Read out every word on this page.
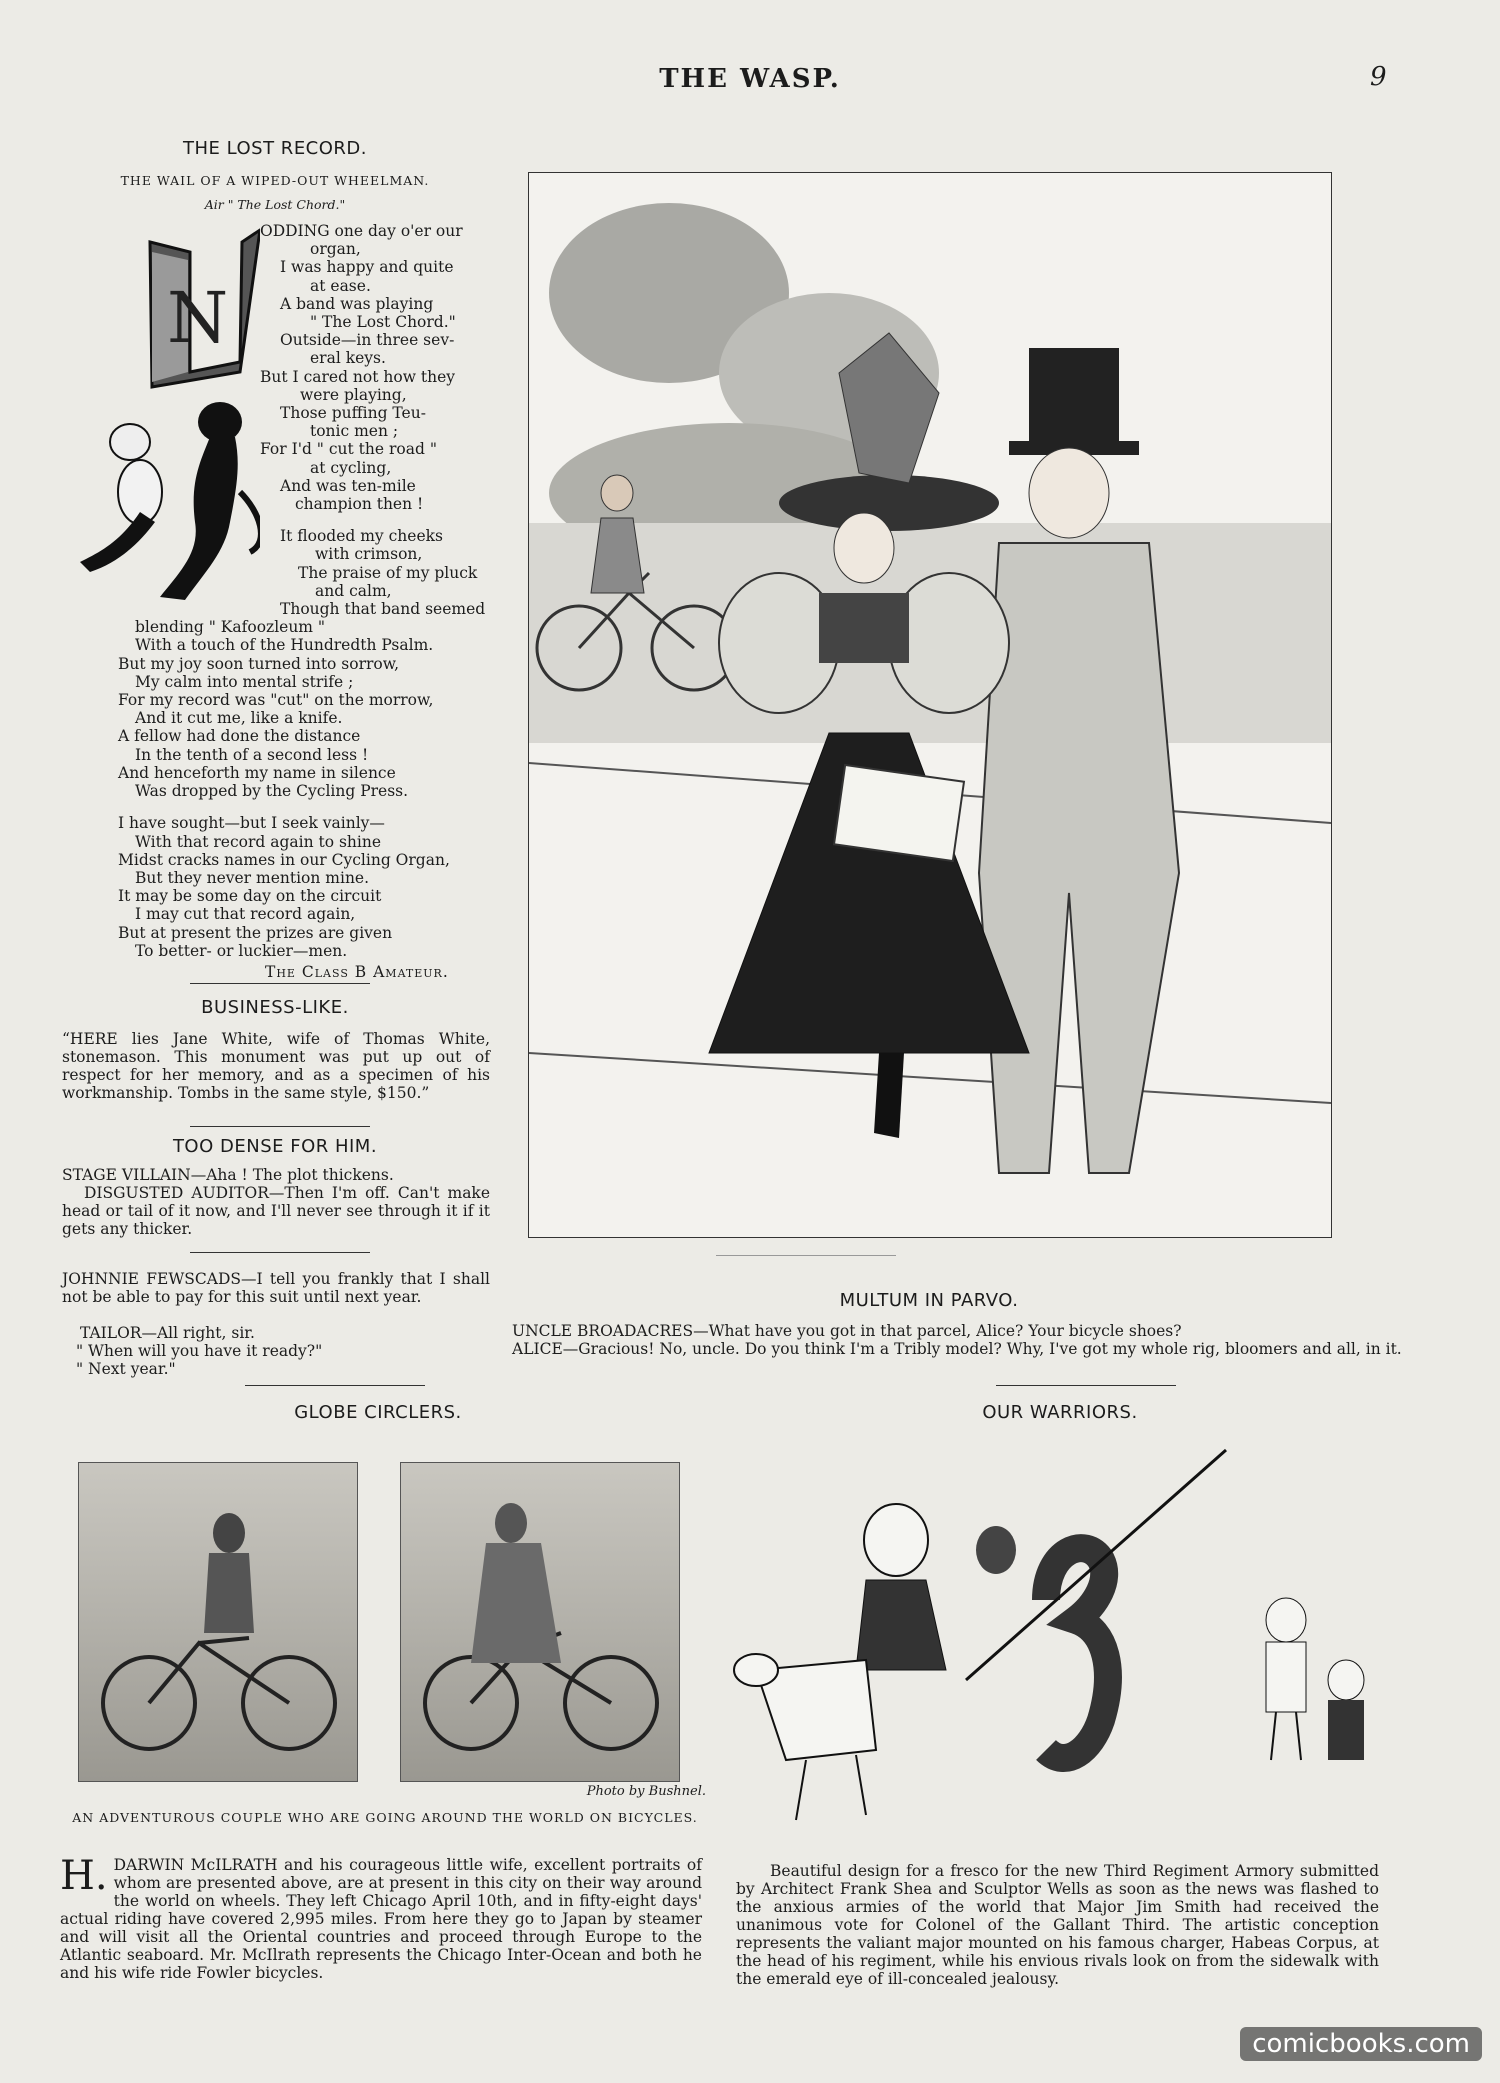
THE WASP.	9
THE LOST RECORD.
THE WAIL OF A WIPED-OUT WHEELMAN.
Air " The Lost Chord."
N
ODDING one day o'er our
organ,
I was happy and quite
at ease.
A band was playing
" The Lost Chord."
Outside—in three sev-
eral keys.
But I cared not how they
were playing,
Those puffing Teu-
tonic men ;
For I'd " cut the road "
at cycling,
And was ten-mile
champion then !
It flooded my cheeks
with crimson,
The praise of my pluck
and calm,
Though that band seemed
blending " Kafoozleum "
With a touch of the Hundredth Psalm.
But my joy soon turned into sorrow,
My calm into mental strife ;
For my record was "cut" on the morrow,
And it cut me, like a knife.
A fellow had done the distance
In the tenth of a second less !
And henceforth my name in silence
Was dropped by the Cycling Press.
I have sought—but I seek vainly—
With that record again to shine
Midst cracks names in our Cycling Organ,
But they never mention mine.
It may be some day on the circuit
I may cut that record again,
But at present the prizes are given
To better- or luckier—men.
The Class B Amateur.
BUSINESS-LIKE.

“HERE lies Jane White, wife of Thomas White, stonemason. This monument was put up out of respect for her memory, and as a specimen of his workmanship. Tombs in the same style, $150.”

TOO DENSE FOR HIM.

STAGE VILLAIN—Aha ! The plot thickens.

DISGUSTED AUDITOR—Then I'm off. Can't make head or tail of it now, and I'll never see through it if it gets any thicker.

JOHNNIE FEWSCADS—I tell you frankly that I shall not be able to pay for this suit until next year.

TAILOR—All right, sir.

" When will you have it ready?"

" Next year."

MULTUM IN PARVO.

UNCLE BROADACRES—What have you got in that parcel, Alice? Your bicycle shoes?

ALICE—Gracious! No, uncle. Do you think I'm a Tribly model? Why, I've got my whole rig, bloomers and all, in it.

GLOBE CIRCLERS.
Photo by Bushnel.

AN ADVENTUROUS COUPLE WHO ARE GOING AROUND THE WORLD ON BICYCLES.

H. DARWIN McILRATH and his courageous little wife, excellent portraits of whom are presented above, are at present in this city on their way around the world on wheels. They left Chicago April 10th, and in fifty-eight days' actual riding have covered 2,995 miles. From here they go to Japan by steamer and will visit all the Oriental countries and proceed through Europe to the Atlantic seaboard. Mr. McIlrath represents the Chicago Inter-Ocean and both he and his wife ride Fowler bicycles.
OUR WARRIORS.

Beautiful design for a fresco for the new Third Regiment Armory submitted by Architect Frank Shea and Sculptor Wells as soon as the news was flashed to the anxious armies of the world that Major Jim Smith had received the unanimous vote for Colonel of the Gallant Third. The artistic conception represents the valiant major mounted on his famous charger, Habeas Corpus, at the head of his regiment, while his envious rivals look on from the sidewalk with the emerald eye of ill-concealed jealousy.

comicbooks.com
